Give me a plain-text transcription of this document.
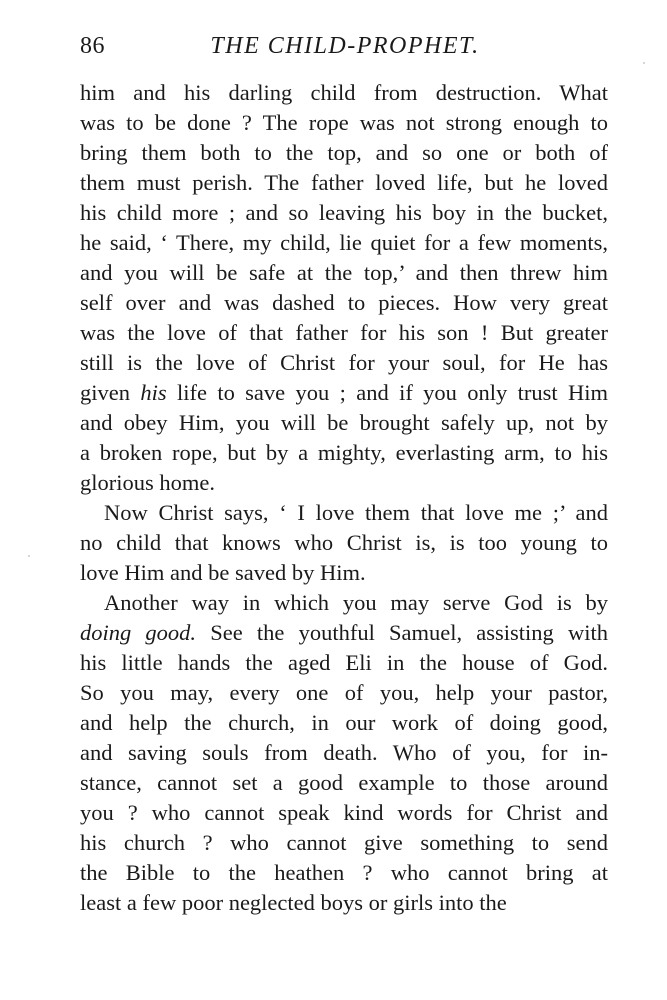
86	THE CHILD-PROPHET.
him and his darling child from destruction. What
was to be done ? The rope was not strong enough to
bring them both to the top, and so one or both of
them must perish. The father loved life, but he loved
his child more ; and so leaving his boy in the bucket,
he said, ‘ There, my child, lie quiet for a few moments,
and you will be safe at the top,’ and then threw him
self over and was dashed to pieces. How very great
was the love of that father for his son ! But greater
still is the love of Christ for your soul, for He has
given his life to save you ; and if you only trust Him
and obey Him, you will be brought safely up, not by
a broken rope, but by a mighty, everlasting arm, to his
glorious home.
Now Christ says, ‘ I love them that love me ;’ and
no child that knows who Christ is, is too young to
love Him and be saved by Him.
Another way in which you may serve God is by
doing good. See the youthful Samuel, assisting with
his little hands the aged Eli in the house of God.
So you may, every one of you, help your pastor,
and help the church, in our work of doing good,
and saving souls from death. Who of you, for in-
stance, cannot set a good example to those around
you ? who cannot speak kind words for Christ and
his church ? who cannot give something to send
the Bible to the heathen ? who cannot bring at
least a few poor neglected boys or girls into the
